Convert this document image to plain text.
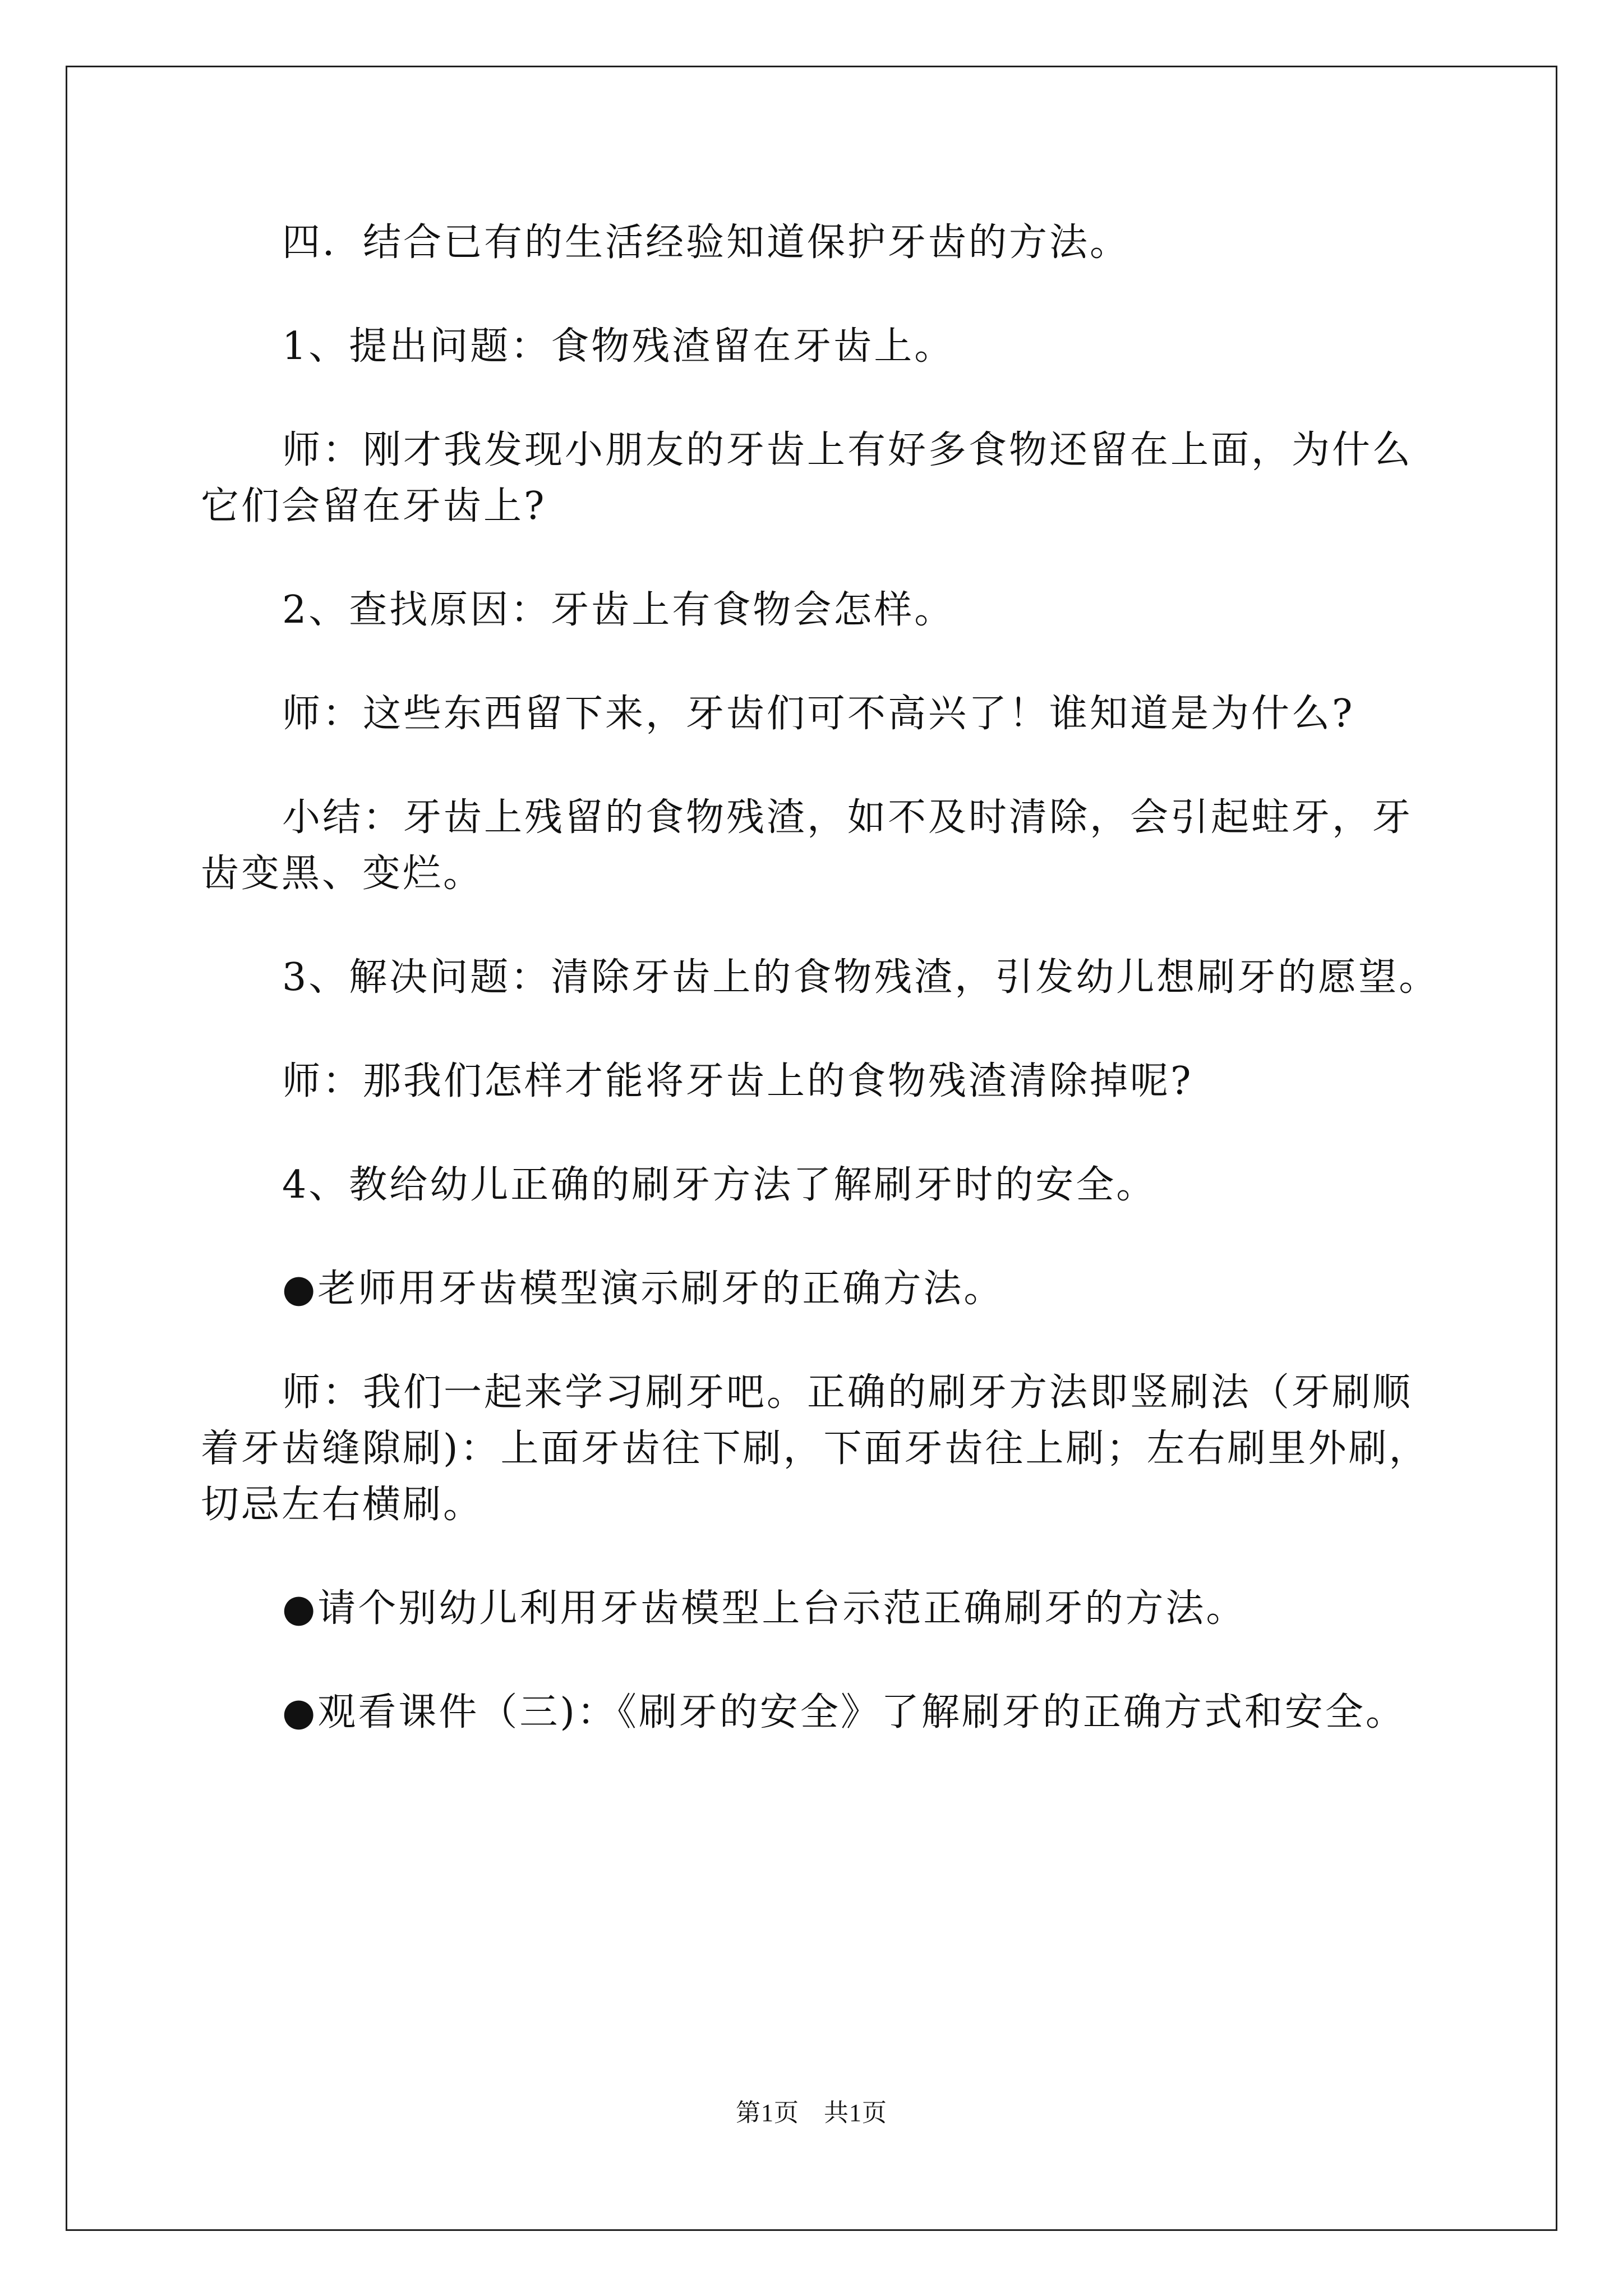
四．结合已有的生活经验知道保护牙齿的方法。

1、提出问题：食物残渣留在牙齿上。

师：刚才我发现小朋友的牙齿上有好多食物还留在上面，为什么它们会留在牙齿上?

2、查找原因：牙齿上有食物会怎样。

师：这些东西留下来，牙齿们可不高兴了！谁知道是为什么?

小结：牙齿上残留的食物残渣，如不及时清除，会引起蛀牙，牙齿变黑、变烂。

3、解决问题：清除牙齿上的食物残渣，引发幼儿想刷牙的愿望。

师：那我们怎样才能将牙齿上的食物残渣清除掉呢?

4、教给幼儿正确的刷牙方法了解刷牙时的安全。

●老师用牙齿模型演示刷牙的正确方法。

师：我们一起来学习刷牙吧。正确的刷牙方法即竖刷法（牙刷顺着牙齿缝隙刷)：上面牙齿往下刷，下面牙齿往上刷；左右刷里外刷，切忌左右横刷。

●请个别幼儿利用牙齿模型上台示范正确刷牙的方法。

●观看课件（三)：《刷牙的安全》了解刷牙的正确方式和安全。

第1页 共1页
